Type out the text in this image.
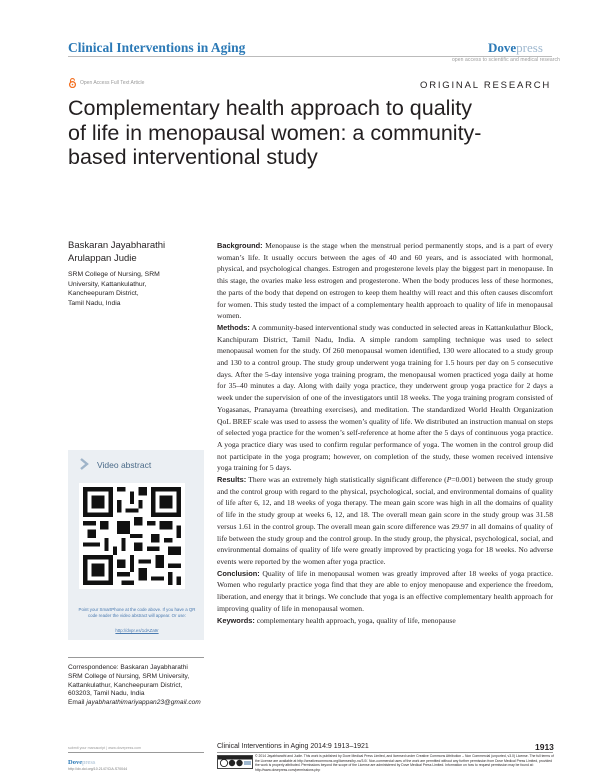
Clinical Interventions in Aging	Dovepress
open access to scientific and medical research
Open Access Full Text Article	ORIGINAL RESEARCH
Complementary health approach to quality of life in menopausal women: a community-based interventional study
Baskaran Jayabharathi
Arulappan Judie
SRM College of Nursing, SRM
University, Kattankulathur,
Kancheepuram District,
Tamil Nadu, India
Video abstract
Point your SmartPhone at the code above. If you have a QR code reader the video abstract will appear. Or use:
http://dvpr.es/1dAZa9r
Correspondence: Baskaran Jayabharathi
SRM College of Nursing, SRM University,
Kattankulathur, Kancheepuram District,
603203, Tamil Nadu, India
Email jayabharathimariyappan23@gmail.com

Background: Menopause is the stage when the menstrual period permanently stops, and is a part of every woman’s life. It usually occurs between the ages of 40 and 60 years, and is associated with hormonal, physical, and psychological changes. Estrogen and progesterone levels play the biggest part in menopause. In this stage, the ovaries make less estrogen and progesterone. When the body produces less of these hormones, the parts of the body that depend on estrogen to keep them healthy will react and this often causes discomfort for women. This study tested the impact of a complementary health approach to quality of life in menopausal women.

Methods: A community-based interventional study was conducted in selected areas in Kattankulathur Block, Kanchipuram District, Tamil Nadu, India. A simple random sampling technique was used to select menopausal women for the study. Of 260 menopausal women identified, 130 were allocated to a study group and 130 to a control group. The study group underwent yoga training for 1.5 hours per day on 5 consecutive days. After the 5-day intensive yoga training program, the menopausal women practiced yoga daily at home for 35–40 minutes a day. Along with daily yoga practice, they underwent group yoga practice for 2 days a week under the supervision of one of the investigators until 18 weeks. The yoga training program consisted of Yogasanas, Pranayama (breathing exercises), and meditation. The standardized World Health Organization QoL BREF scale was used to assess the women’s quality of life. We distributed an instruction manual on steps of selected yoga practice for the women’s self-reference at home after the 5 days of continuous yoga practice. A yoga practice diary was used to confirm regular performance of yoga. The women in the control group did not participate in the yoga program; however, on completion of the study, these women received intensive yoga training for 5 days.

Results: There was an extremely high statistically significant difference (P=0.001) between the study group and the control group with regard to the physical, psychological, social, and environmental domains of quality of life after 6, 12, and 18 weeks of yoga therapy. The mean gain score was high in all the domains of quality of life in the study group at weeks 6, 12, and 18. The overall mean gain score in the study group was 31.58 versus 1.61 in the control group. The overall mean gain score difference was 29.97 in all domains of quality of life between the study group and the control group. In the study group, the physical, psychological, social, and environmental domains of quality of life were greatly improved by practicing yoga for 18 weeks. No adverse events were reported by the women after yoga practice.

Conclusion: Quality of life in menopausal women was greatly improved after 18 weeks of yoga practice. Women who regularly practice yoga find that they are able to enjoy menopause and experience the freedom, liberation, and energy that it brings. We conclude that yoga is an effective complementary health approach for improving quality of life in menopausal women.

Keywords: complementary health approach, yoga, quality of life, menopause

submit your manuscript | www.dovepress.com
Dovepress
http://dx.doi.org/10.2147/CIA.S70044
Clinical Interventions in Aging 2014:9 1913–1921	1913
© 2014 Jayabharathi and Judie. This work is published by Dove Medical Press Limited, and licensed under Creative Commons Attribution – Non Commercial (unported, v3.0) License. The full terms of the License are available at http://creativecommons.org/licenses/by-nc/3.0/. Non-commercial uses of the work are permitted without any further permission from Dove Medical Press Limited, provided the work is properly attributed. Permissions beyond the scope of the License are administered by Dove Medical Press Limited. Information on how to request permission may be found at: http://www.dovepress.com/permissions.php
